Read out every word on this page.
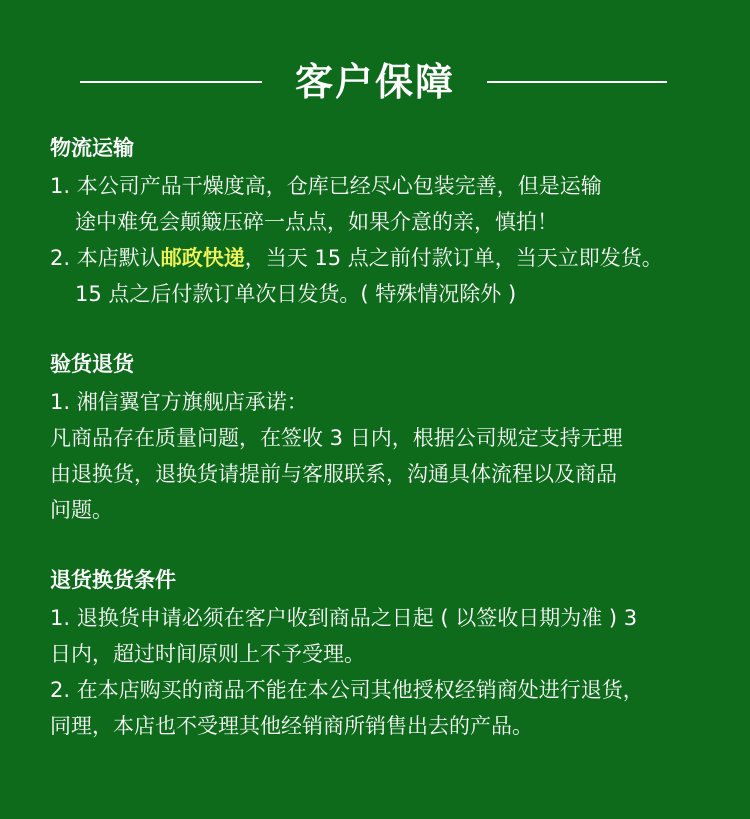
客户保障
物流运输
1. 本公司产品干燥度高，仓库已经尽心包装完善，但是运输
途中难免会颠簸压碎一点点，如果介意的亲，慎拍！
2. 本店默认邮政快递，当天 15 点之前付款订单，当天立即发货。
15 点之后付款订单次日发货。( 特殊情况除外 )
验货退货
1. 湘信翼官方旗舰店承诺：
凡商品存在质量问题，在签收 3 日内，根据公司规定支持无理
由退换货，退换货请提前与客服联系，沟通具体流程以及商品
问题。
退货换货条件
1. 退换货申请必须在客户收到商品之日起 ( 以签收日期为准 ) 3
日内，超过时间原则上不予受理。
2. 在本店购买的商品不能在本公司其他授权经销商处进行退货，
同理，本店也不受理其他经销商所销售出去的产品。
